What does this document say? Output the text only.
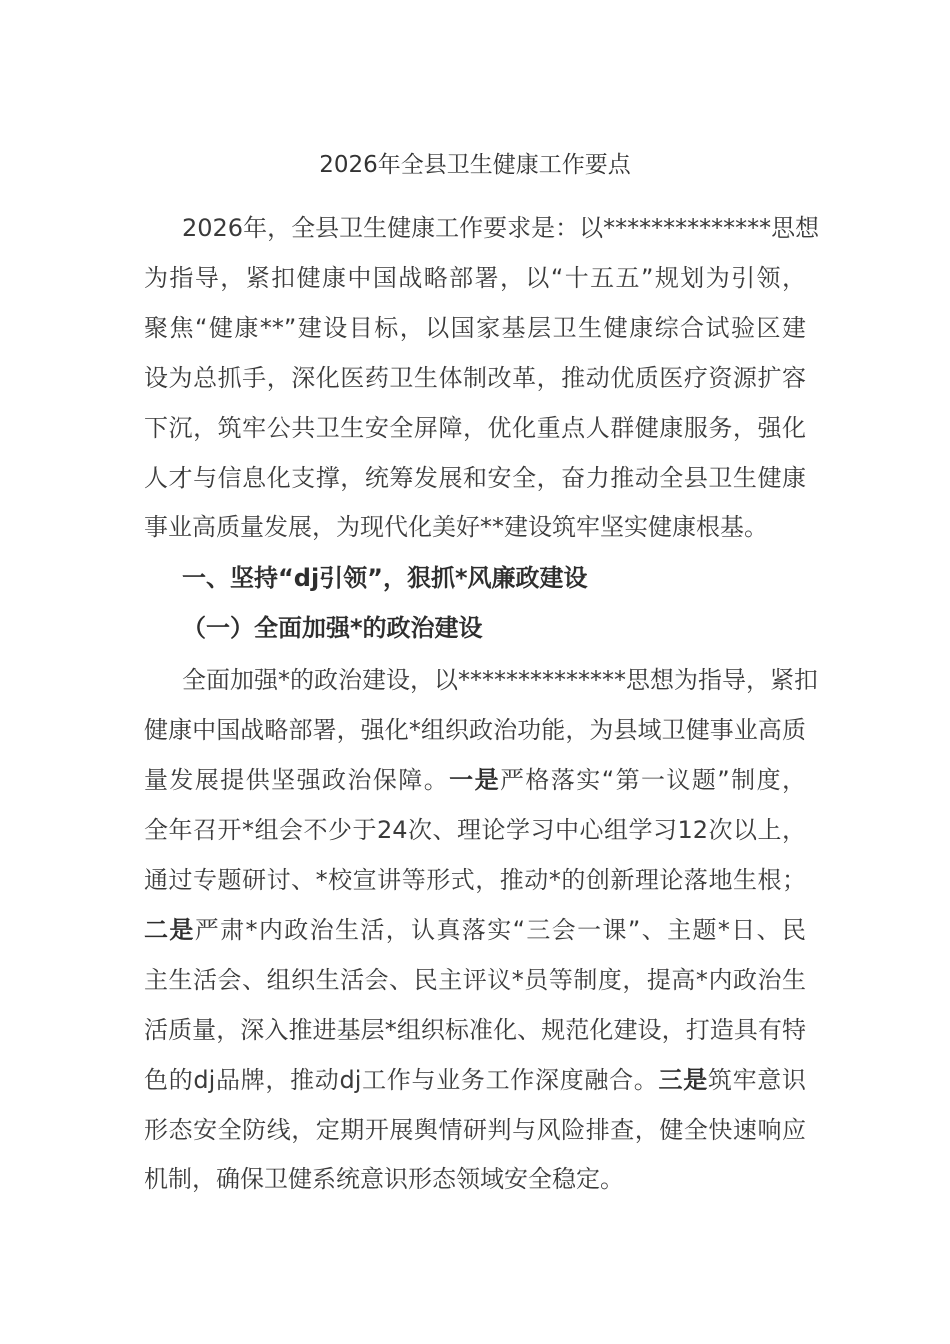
2026年全县卫生健康工作要点
2026年，全县卫生健康工作要求是：以**************思想
为指导，紧扣健康中国战略部署，以“十五五”规划为引领，
聚焦“健康**”建设目标，以国家基层卫生健康综合试验区建
设为总抓手，深化医药卫生体制改革，推动优质医疗资源扩容
下沉，筑牢公共卫生安全屏障，优化重点人群健康服务，强化
人才与信息化支撑，统筹发展和安全，奋力推动全县卫生健康
事业高质量发展，为现代化美好**建设筑牢坚实健康根基。
一、坚持“dj引领”，狠抓*风廉政建设
（一）全面加强*的政治建设
全面加强*的政治建设，以**************思想为指导，紧扣
健康中国战略部署，强化*组织政治功能，为县域卫健事业高质
量发展提供坚强政治保障。一是严格落实“第一议题”制度，
全年召开*组会不少于24次、理论学习中心组学习12次以上，
通过专题研讨、*校宣讲等形式，推动*的创新理论落地生根；
二是严肃*内政治生活，认真落实“三会一课”、主题*日、民
主生活会、组织生活会、民主评议*员等制度，提高*内政治生
活质量，深入推进基层*组织标准化、规范化建设，打造具有特
色的dj品牌，推动dj工作与业务工作深度融合。三是筑牢意识
形态安全防线，定期开展舆情研判与风险排查，健全快速响应
机制，确保卫健系统意识形态领域安全稳定。
